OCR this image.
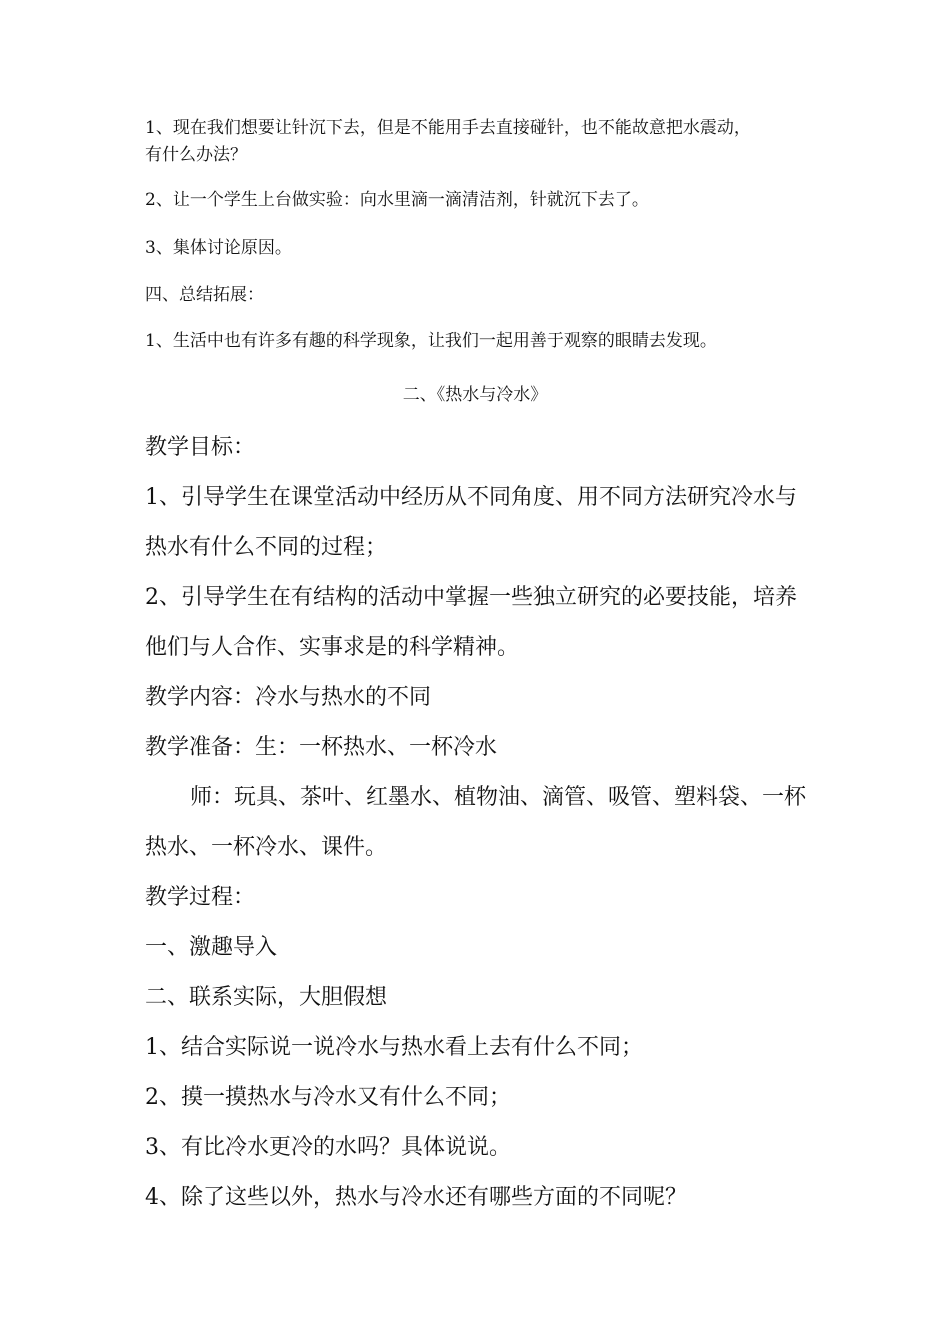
1、现在我们想要让针沉下去，但是不能用手去直接碰针，也不能故意把水震动，
有什么办法？
2、让一个学生上台做实验：向水里滴一滴清洁剂，针就沉下去了。
3、集体讨论原因。
四、总结拓展：
1、生活中也有许多有趣的科学现象，让我们一起用善于观察的眼睛去发现。
二、《热水与冷水》
教学目标：
1、引导学生在课堂活动中经历从不同角度、用不同方法研究冷水与
热水有什么不同的过程；
2、引导学生在有结构的活动中掌握一些独立研究的必要技能，培养
他们与人合作、实事求是的科学精神。
教学内容：冷水与热水的不同
教学准备：生：一杯热水、一杯冷水
师：玩具、茶叶、红墨水、植物油、滴管、吸管、塑料袋、一杯
热水、一杯冷水、课件。
教学过程：
一、激趣导入
二、联系实际，大胆假想
1、结合实际说一说冷水与热水看上去有什么不同；
2、摸一摸热水与冷水又有什么不同；
3、有比冷水更冷的水吗？具体说说。
4、除了这些以外，热水与冷水还有哪些方面的不同呢？
